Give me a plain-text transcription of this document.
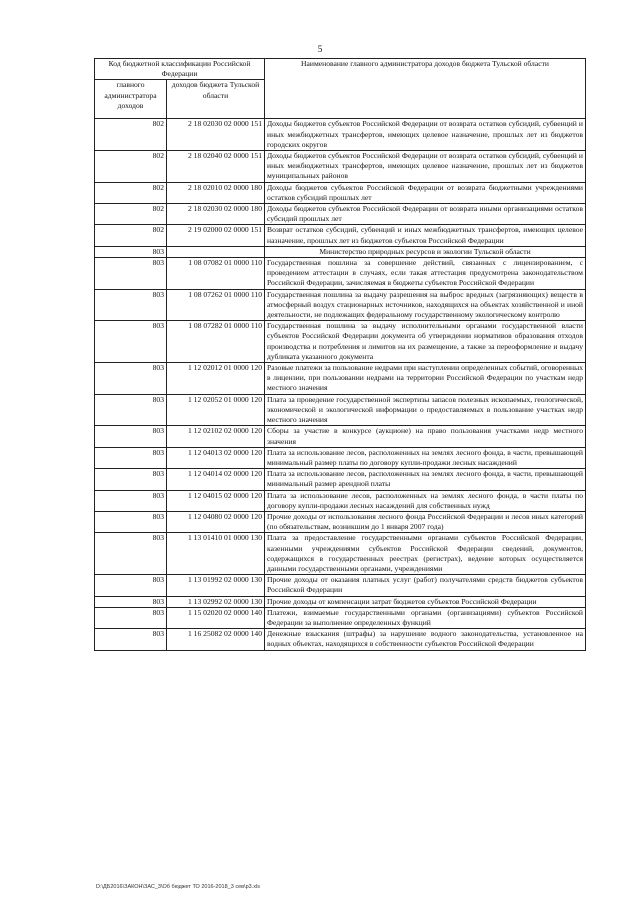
5
Код бюджетной классификации Российской Федерации		Наименование главного администратора доходов бюджета Тульской области
главного администратора доходов	доходов бюджета Тульской области	
802	2 18 02030 02 0000 151	Доходы бюджетов субъектов Российской Федерации от возврата остатков субсидий, субвенций и иных межбюджетных трансфертов, имеющих целевое назначение, прошлых лет из бюджетов городских округов
802	2 18 02040 02 0000 151	Доходы бюджетов субъектов Российской Федерации от возврата остатков субсидий, субвенций и иных межбюджетных трансфертов, имеющих целевое назначение, прошлых лет из бюджетов муниципальных районов
802	2 18 02010 02 0000 180	Доходы бюджетов субъектов Российской Федерации от возврата бюджетными учреждениями остатков субсидий прошлых лет
802	2 18 02030 02 0000 180	Доходы бюджетов субъектов Российской Федерации от возврата иными организациями остатков субсидий прошлых лет
802	2 19 02000 02 0000 151	Возврат остатков субсидий, субвенций и иных межбюджетных трансфертов, имеющих целевое назначение, прошлых лет из бюджетов субъектов Российской Федерации
803		Министерство природных ресурсов и экологии Тульской области
803	1 08 07082 01 0000 110	Государственная пошлина за совершение действий, связанных с лицензированием, с проведением аттестации в случаях, если такая аттестация предусмотрена законодательством Российской Федерации, зачисляемая в бюджеты субъектов Российской Федерации
803	1 08 07262 01 0000 110	Государственная пошлина за выдачу разрешения на выброс вредных (загрязняющих) веществ в атмосферный воздух стационарных источников, находящихся на объектах хозяйственной и иной деятельности, не подлежащих федеральному государственному экологическому контролю
803	1 08 07282 01 0000 110	Государственная пошлина за выдачу исполнительными органами государственной власти субъектов Российской Федерации документа об утверждении нормативов образования отходов производства и потребления и лимитов на их размещение, а также за переоформление и выдачу дубликата указанного документа
803	1 12 02012 01 0000 120	Разовые платежи за пользование недрами при наступлении определенных событий, оговоренных в лицензии, при пользовании недрами на территории Российской Федерации по участкам недр местного значения
803	1 12 02052 01 0000 120	Плата за проведение государственной экспертизы запасов полезных ископаемых, геологической, экономической и экологической информации о предоставляемых в пользование участках недр местного значения
803	1 12 02102 02 0000 120	Сборы за участие в конкурсе (аукционе) на право пользования участками недр местного значения
803	1 12 04013 02 0000 120	Плата за использование лесов, расположенных на землях лесного фонда, в части, превышающей минимальный размер платы по договору купли-продажи лесных насаждений
803	1 12 04014 02 0000 120	Плата за использование лесов, расположенных на землях лесного фонда, в части, превышающей минимальный размер арендной платы
803	1 12 04015 02 0000 120	Плата за использование лесов, расположенных на землях лесного фонда, в части платы по договору купли-продажи лесных насаждений для собственных нужд
803	1 12 04080 02 0000 120	Прочие доходы от использования лесного фонда Российской Федерации и лесов иных категорий (по обязательствам, возникшим до 1 января 2007 года)
803	1 13 01410 01 0000 130	Плата за предоставление государственными органами субъектов Российской Федерации, казенными учреждениями субъектов Российской Федерации сведений, документов, содержащихся в государственных реестрах (регистрах), ведение которых осуществляется данными государственными органами, учреждениями
803	1 13 01992 02 0000 130	Прочие доходы от оказания платных услуг (работ) получателями средств бюджетов субъектов Российской Федерации
803	1 13 02992 02 0000 130	Прочие доходы от компенсации затрат бюджетов субъектов Российской Федерации
803	1 15 02020 02 0000 140	Платежи, взимаемые государственными органами (организациями) субъектов Российской Федерации за выполнение определенных функций
803	1 16 25082 02 0000 140	Денежные взыскания (штрафы) за нарушение водного законодательства, установленное на водных объектах, находящихся в собственности субъектов Российской Федерации
D:\ДБ2016\ЗАКОН\ЗАС_3\Об бюджет ТО 2016-2018_3 сев\р3.xls
